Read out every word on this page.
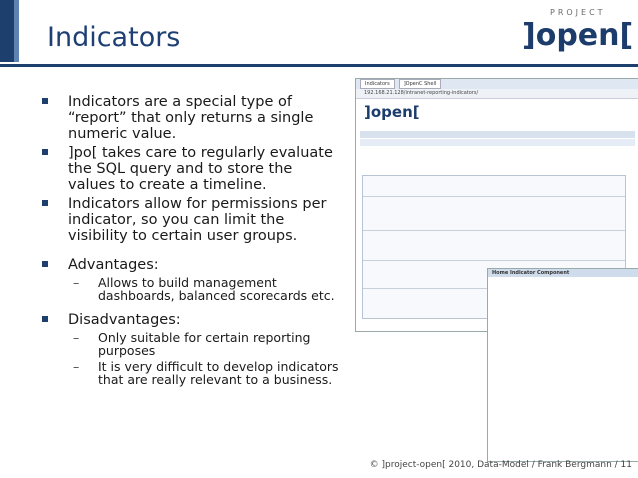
Indicators
PROJECT
]open[
Indicators are a special type of “report” that only returns a single numeric value.
]po[ takes care to regularly evaluate the SQL query and to store the values to create a timeline.
Indicators allow for permissions per indicator, so you can limit the visibility to certain user groups.
Advantages:
– Allows to build management dashboards, balanced scorecards etc.
Disadvantages:
– Only suitable for certain reporting purposes
– It is very difficult to develop indicators that are really relevant to a business.
Indicators	]OpenC Shell
192.168.21.128/intranet-reporting-indicators/
]open[
Home Indicator Component
© ]project-open[ 2010, Data-Model / Frank Bergmann / 11
